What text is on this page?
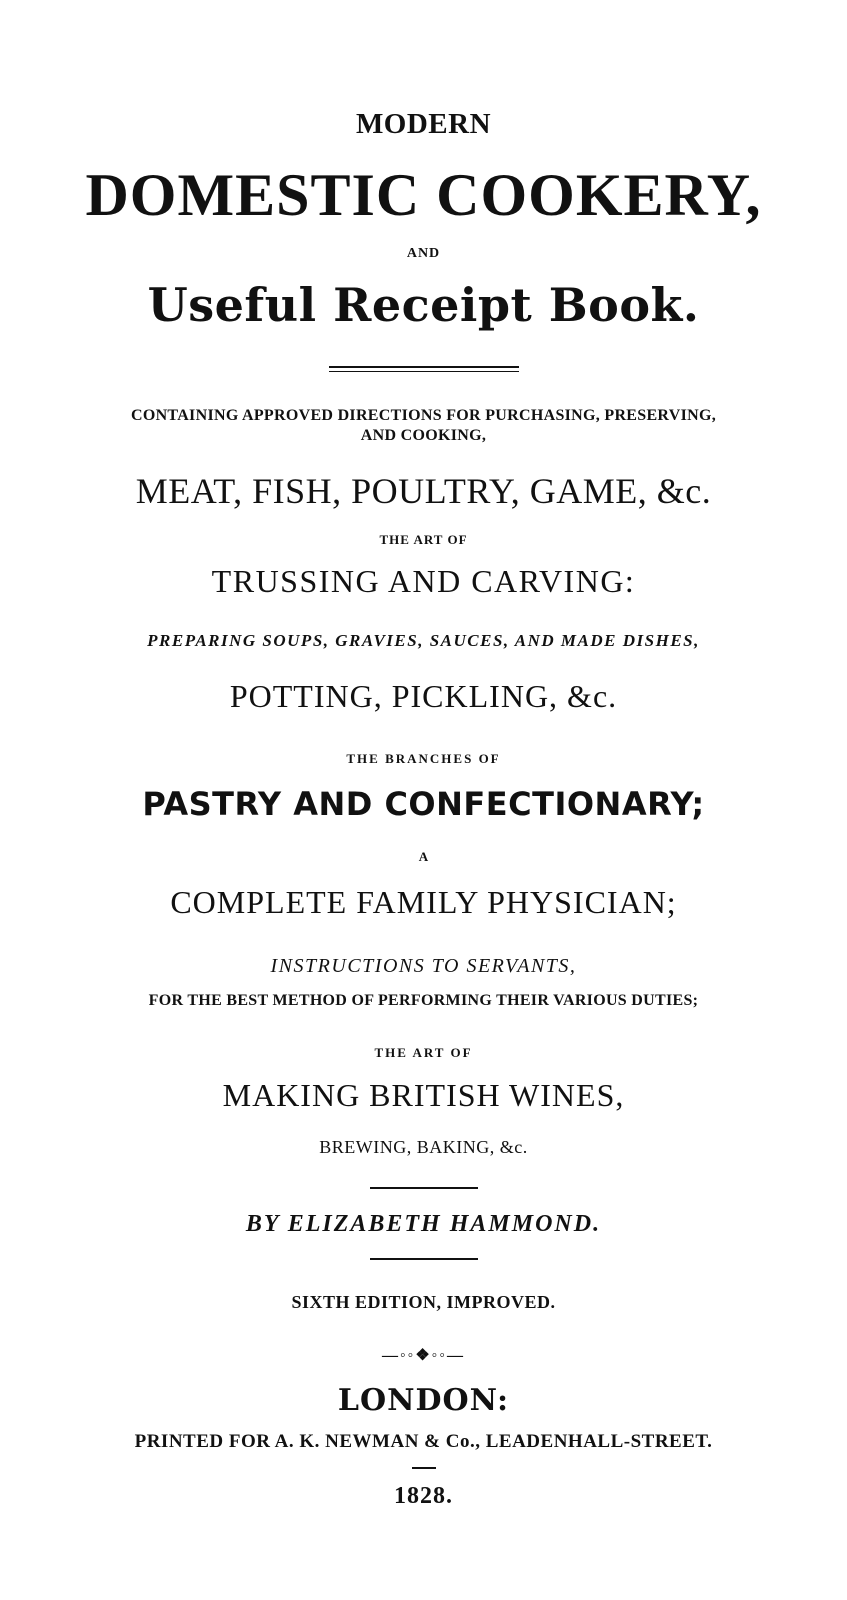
MODERN
DOMESTIC COOKERY,
AND
Useful Receipt Book.
CONTAINING APPROVED DIRECTIONS FOR PURCHASING, PRESERVING,
AND COOKING,
MEAT, FISH, POULTRY, GAME, &c.
THE ART OF
TRUSSING AND CARVING:
PREPARING SOUPS, GRAVIES, SAUCES, AND MADE DISHES,
POTTING, PICKLING, &c.
THE BRANCHES OF
PASTRY AND CONFECTIONARY;
A
COMPLETE FAMILY PHYSICIAN;
INSTRUCTIONS TO SERVANTS,
FOR THE BEST METHOD OF PERFORMING THEIR VARIOUS DUTIES;
THE ART OF
MAKING BRITISH WINES,
BREWING, BAKING, &c.
BY ELIZABETH HAMMOND.
SIXTH EDITION, IMPROVED.
—◦◦❖◦◦—
LONDON:
PRINTED FOR A. K. NEWMAN & Co., LEADENHALL-STREET.
1828.
